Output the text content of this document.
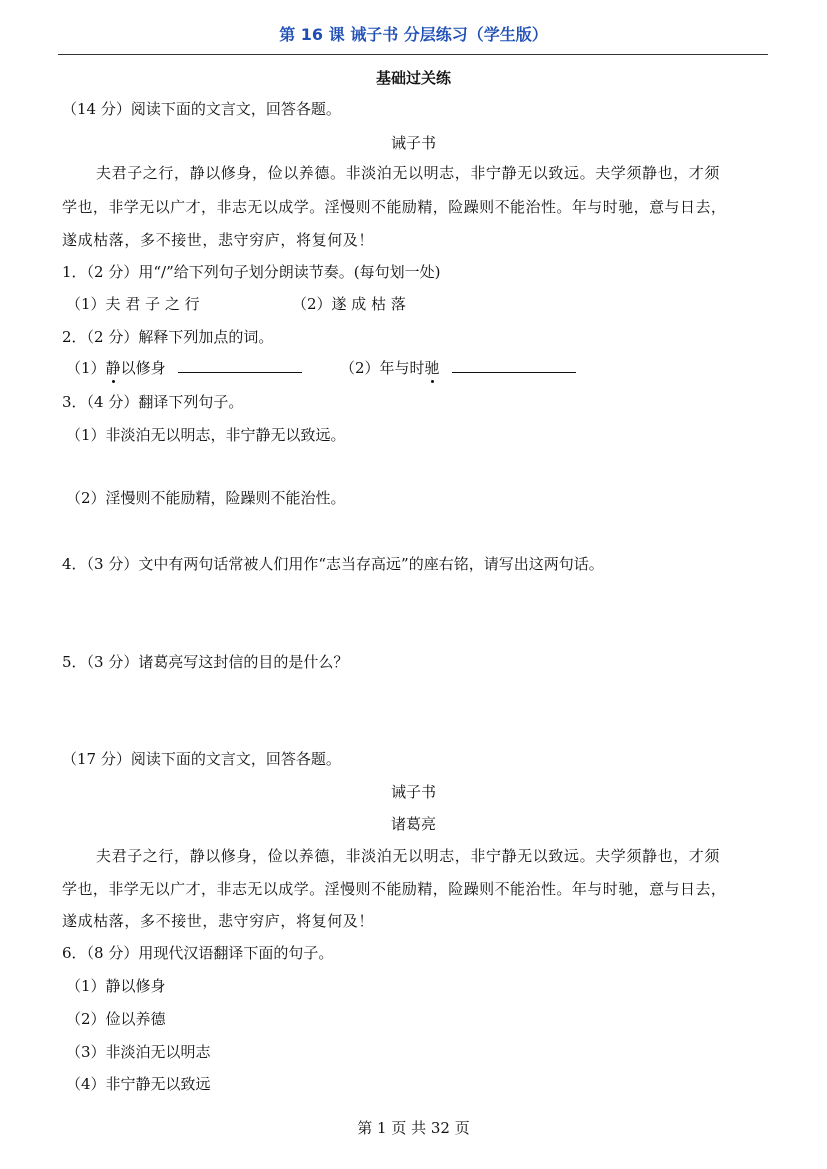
第 16 课 诫子书 分层练习（学生版）
基础过关练
（14 分）阅读下面的文言文，回答各题。
诫子书
夫君子之行，静以修身，俭以养德。非淡泊无以明志，非宁静无以致远。夫学须静也，才须
学也，非学无以广才，非志无以成学。淫慢则不能励精，险躁则不能治性。年与时驰，意与日去，
遂成枯落，多不接世，悲守穷庐，将复何及！
1．（2 分）用“/”给下列句子划分朗读节奏。(每句划一处)
（1）夫 君 子 之 行	（2）遂 成 枯 落
2．（2 分）解释下列加点的词。
（1）静以修身	（2）年与时驰
3．（4 分）翻译下列句子。
（1）非淡泊无以明志，非宁静无以致远。
（2）淫慢则不能励精，险躁则不能治性。
4．（3 分）文中有两句话常被人们用作“志当存高远”的座右铭，请写出这两句话。
5．（3 分）诸葛亮写这封信的目的是什么？
（17 分）阅读下面的文言文，回答各题。
诫子书
诸葛亮
夫君子之行，静以修身，俭以养德，非淡泊无以明志，非宁静无以致远。夫学须静也，才须
学也，非学无以广才，非志无以成学。淫慢则不能励精，险躁则不能治性。年与时驰，意与日去，
遂成枯落，多不接世，悲守穷庐，将复何及！
6．（8 分）用现代汉语翻译下面的句子。
（1）静以修身
（2）俭以养德
（3）非淡泊无以明志
（4）非宁静无以致远
第 1 页 共 32 页
